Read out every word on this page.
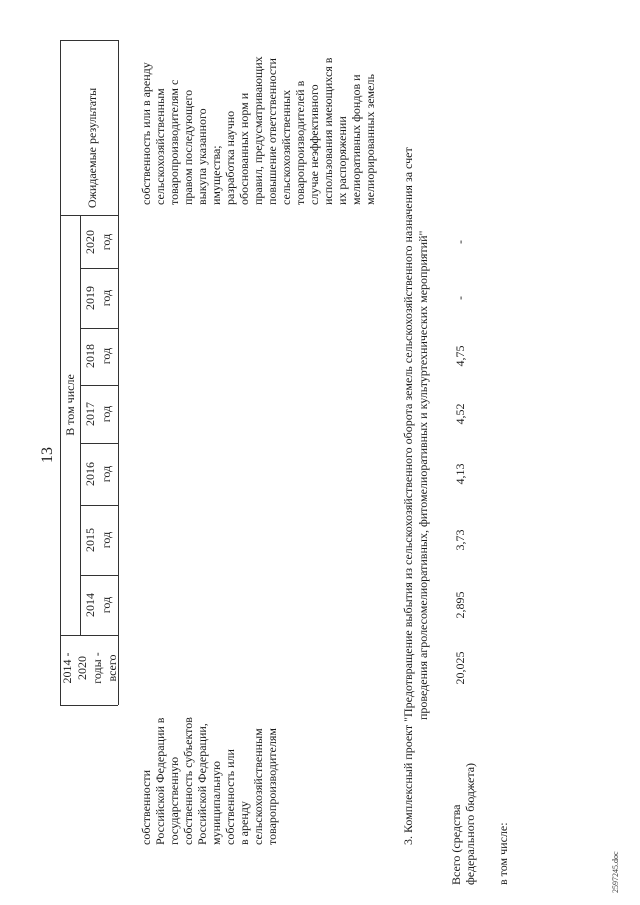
13
Ожидаемые результаты
В том числе
2020 год
2019 год
2018 год
2017 год
2016 год
2015 год
2014 год
2014 - 2020 годы - всего
собственность или в аренду сельскохозяйственным товаропроизводителям с правом последующего выкупа указанного имущества; разработка научно обоснованных норм и правил, предусматривающих повышение ответственности сельскохозяйственных товаропроизводителей в случае неэффективного использования имеющихся в их распоряжении мелиоративных фондов и мелиорированных земель
собственности Российской Федерации в государственную собственность субъектов Российской Федерации, муниципальную собственность или в аренду сельскохозяйственным товаропроизводителям	3. Комплексный проект "Предотвращение выбытия из сельскохозяйственного оборота земель сельскохозяйственного назначения за счет проведения агролесомелиоративных, фитомелиоративных и культуртехнических мероприятий"
Всего (средства федерального бюджета)
20,025
2,895
3,73
4,13
4,52
4,75
-
-
в том числе:	2597245.doc
